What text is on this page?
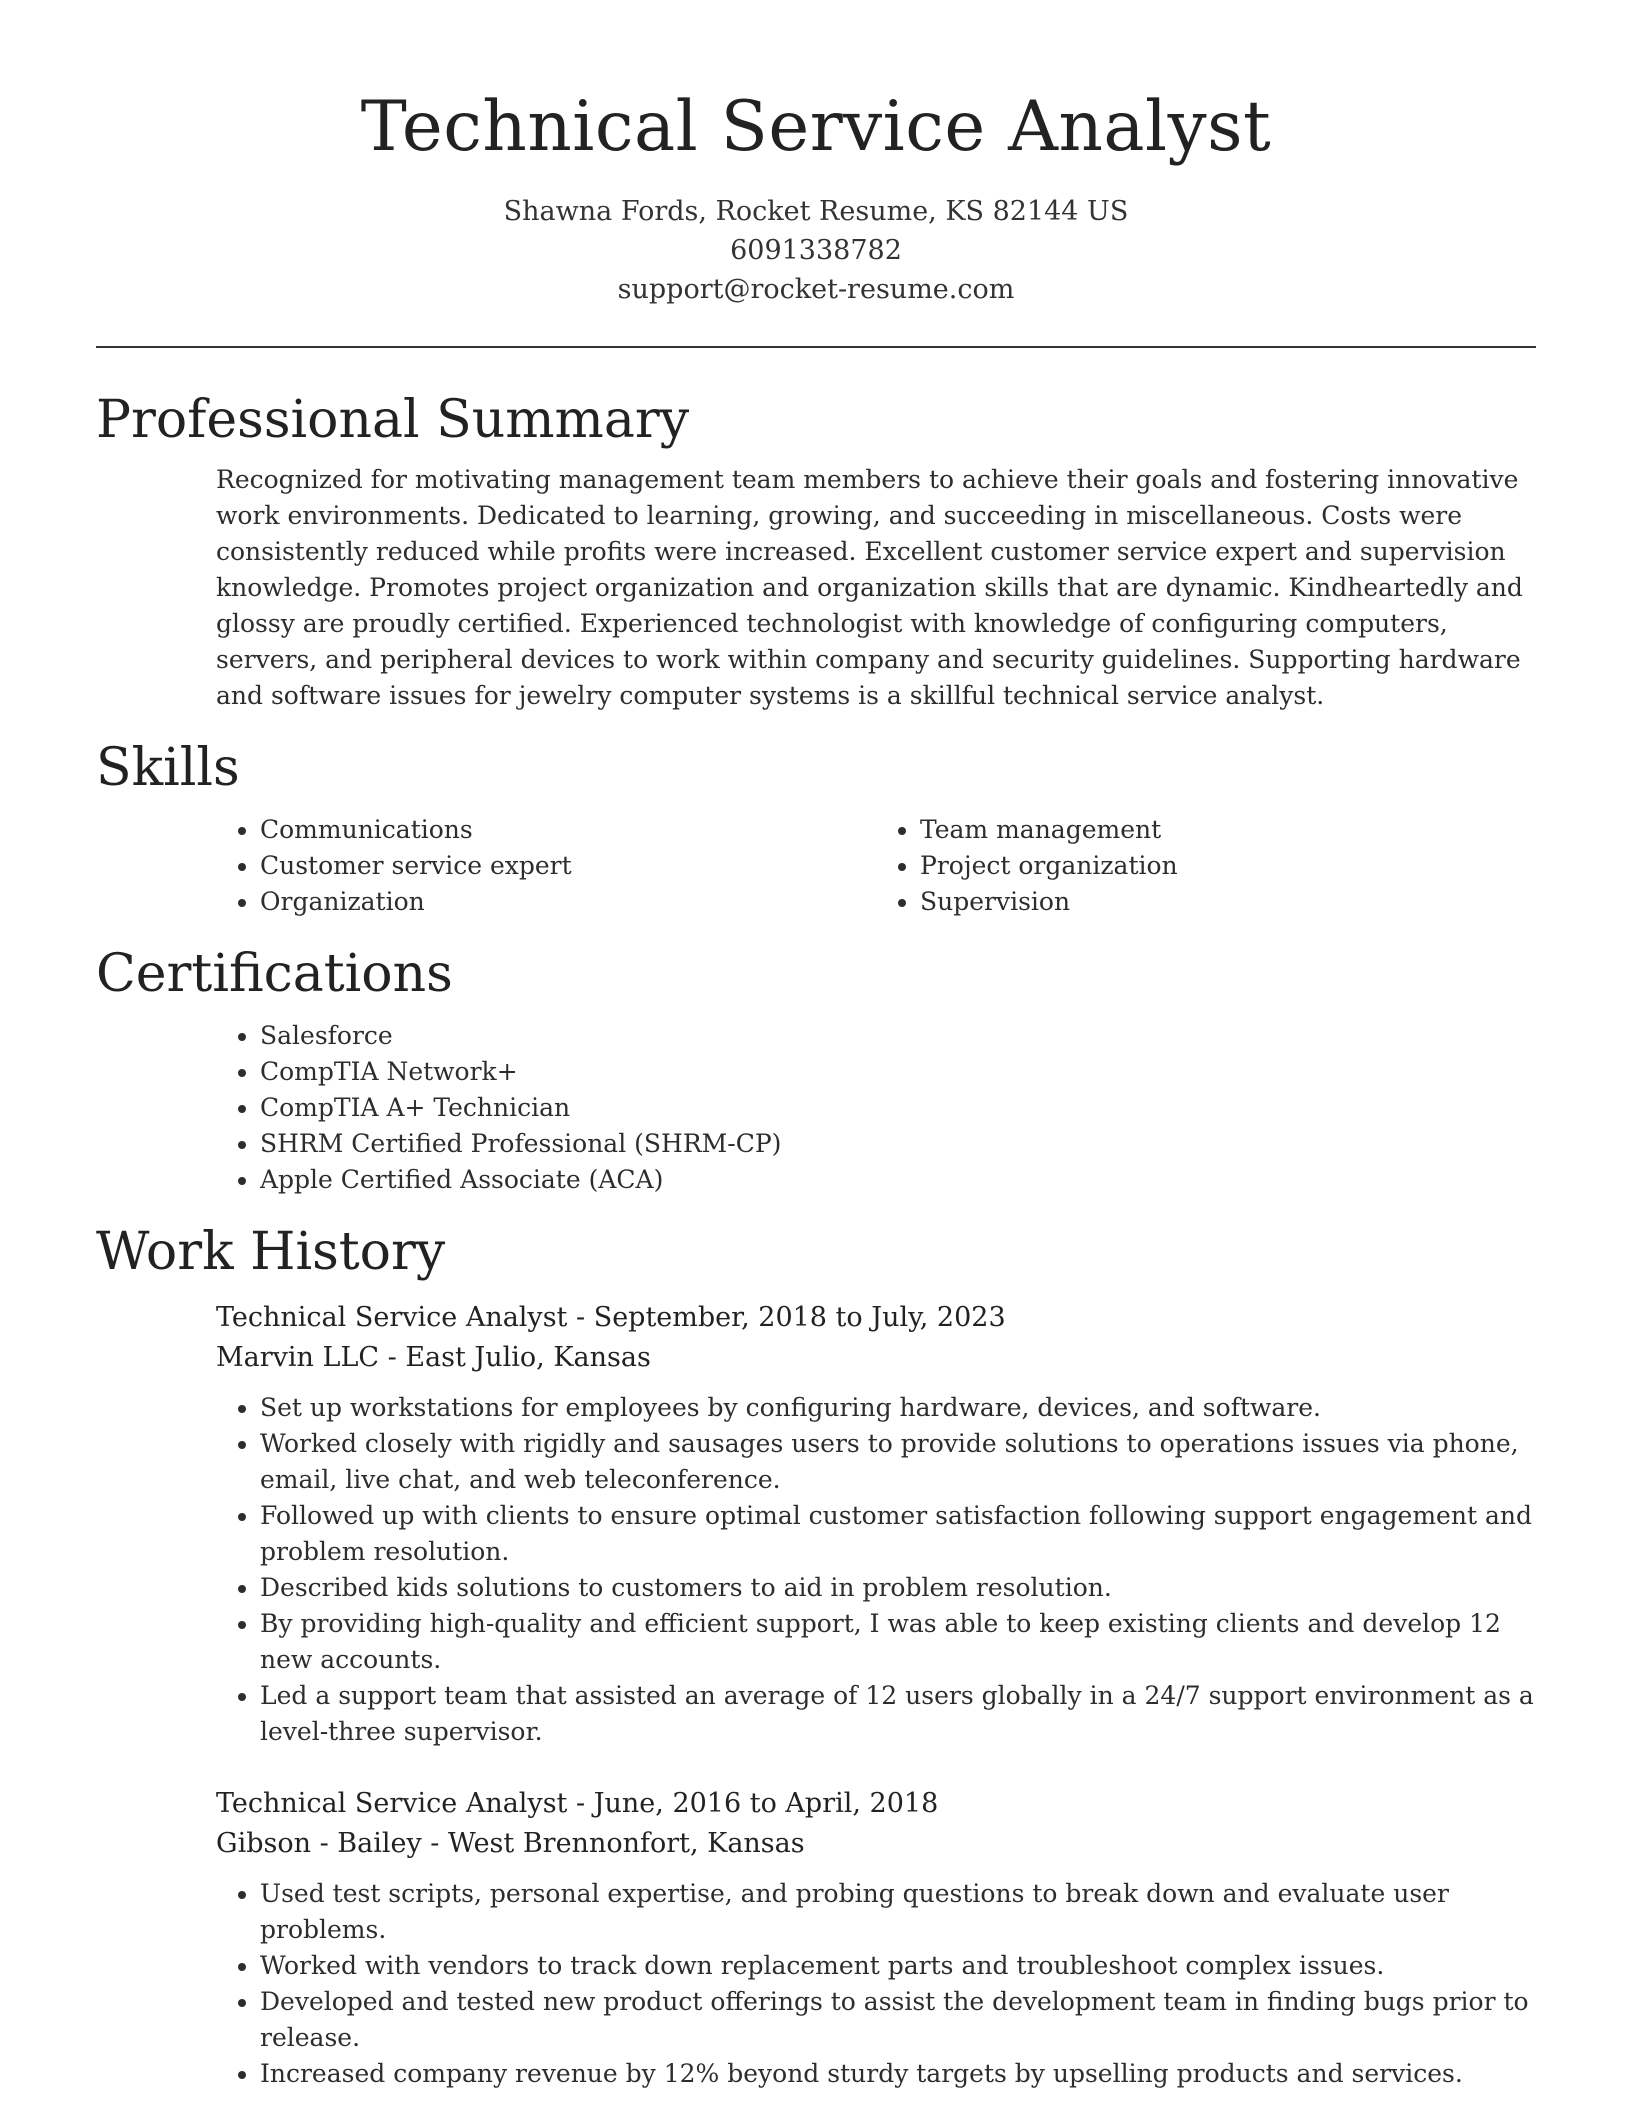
Technical Service Analyst
Shawna Fords, Rocket Resume, KS 82144 US
6091338782
support@rocket-resume.com
Professional Summary

Recognized for motivating management team members to achieve their goals and fostering innovative work environments. Dedicated to learning, growing, and succeeding in miscellaneous. Costs were consistently reduced while profits were increased. Excellent customer service expert and supervision knowledge. Promotes project organization and organization skills that are dynamic. Kindheartedly and glossy are proudly certified. Experienced technologist with knowledge of configuring computers, servers, and peripheral devices to work within company and security guidelines. Supporting hardware and software issues for jewelry computer systems is a skillful technical service analyst.

Skills
• Communications
• Customer service expert
• Organization
• Team management
• Project organization
• Supervision
Certifications
• Salesforce
• CompTIA Network+
• CompTIA A+ Technician
• SHRM Certified Professional (SHRM-CP)
• Apple Certified Associate (ACA)
Work History
Technical Service Analyst - September, 2018 to July, 2023
Marvin LLC - East Julio, Kansas
• Set up workstations for employees by configuring hardware, devices, and software.
• Worked closely with rigidly and sausages users to provide solutions to operations issues via phone, email, live chat, and web teleconference.
• Followed up with clients to ensure optimal customer satisfaction following support engagement and problem resolution.
• Described kids solutions to customers to aid in problem resolution.
• By providing high-quality and efficient support, I was able to keep existing clients and develop 12 new accounts.
• Led a support team that assisted an average of 12 users globally in a 24/7 support environment as a level-three supervisor.
Technical Service Analyst - June, 2016 to April, 2018
Gibson - Bailey - West Brennonfort, Kansas
• Used test scripts, personal expertise, and probing questions to break down and evaluate user problems.
• Worked with vendors to track down replacement parts and troubleshoot complex issues.
• Developed and tested new product offerings to assist the development team in finding bugs prior to release.
• Increased company revenue by 12% beyond sturdy targets by upselling products and services.
